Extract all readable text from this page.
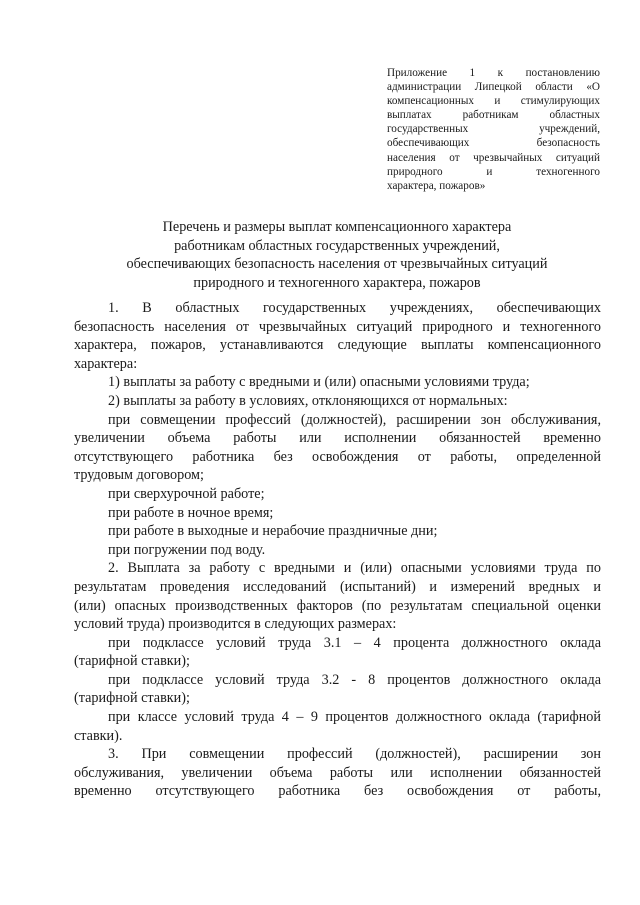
Приложение 1 к постановлению
администрации Липецкой области «О
компенсационных и стимулирующих
выплатах работникам областных
государственных учреждений,
обеспечивающих безопасность
населения от чрезвычайных ситуаций
природного и техногенного
характера, пожаров»
Перечень и размеры выплат компенсационного характера
работникам областных государственных учреждений,
обеспечивающих безопасность населения от чрезвычайных ситуаций
природного и техногенного характера, пожаров
1. В областных государственных учреждениях, обеспечивающих
безопасность населения от чрезвычайных ситуаций природного и техногенного
характера, пожаров, устанавливаются следующие выплаты компенсационного
характера:
1) выплаты за работу с вредными и (или) опасными условиями труда;
2) выплаты за работу в условиях, отклоняющихся от нормальных:
при совмещении профессий (должностей), расширении зон обслуживания,
увеличении объема работы или исполнении обязанностей временно
отсутствующего работника без освобождения от работы, определенной
трудовым договором;
при сверхурочной работе;
при работе в ночное время;
при работе в выходные и нерабочие праздничные дни;
при погружении под воду.
2. Выплата за работу с вредными и (или) опасными условиями труда по
результатам проведения исследований (испытаний) и измерений вредных и
(или) опасных производственных факторов (по результатам специальной оценки
условий труда) производится в следующих размерах:
при подклассе условий труда 3.1 – 4 процента должностного оклада
(тарифной ставки);
при подклассе условий труда 3.2 - 8 процентов должностного оклада
(тарифной ставки);
при классе условий труда 4 – 9 процентов должностного оклада (тарифной
ставки).
3. При совмещении профессий (должностей), расширении зон
обслуживания, увеличении объема работы или исполнении обязанностей
временно отсутствующего работника без освобождения от работы,
